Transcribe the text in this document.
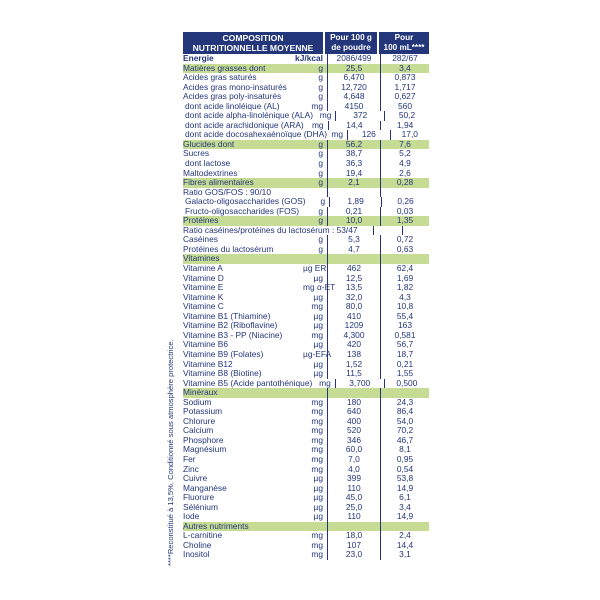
COMPOSITION
NUTRITIONNELLE MOYENNE
Pour 100 g
de poudre
Pour
100 mL****
Energie	kJ/kcal	2086/499	282/67
Matières grasses dont	g	25,5	3,4
Acides gras saturés	g	6,470	0,873
Acides gras mono-insaturés	g	12,720	1,717
Acides gras poly-insaturés	g	4,648	0,627
dont acide linoléique (AL)	mg	4150	560
dont acide alpha-linolénique (ALA) mg	372	50,2
dont acide arachidonique (ARA) mg	14,4	1,94
dont acide docosahexaénoïque (DHA) mg	126	17,0
Glucides dont	g	56,2	7,6
Sucres	g	38,7	5,2
dont lactose	g	36,3	4,9
Maltodextrines	g	19,4	2,6
Fibres alimentaires	g	2,1	0,28
Ratio GOS/FOS : 90/10
Galacto-oligosaccharides (GOS)	g	1,89	0,26
Fructo-oligosaccharides (FOS)	g	0,21	0,03
Protéines	g	10,0	1,35
Ratio caséines/protéines du lactosérum : 53/47
Caséines	g	5,3	0,72
Protéines du lactosérum	g	4,7	0,63
Vitamines
Vitamine A	µg ER	462	62,4
Vitamine D	µg	12,5	1,69
Vitamine E	mg α-ET	13,5	1,82
Vitamine K	µg	32,0	4,3
Vitamine C	mg	80,0	10,8
Vitamine B1 (Thiamine)	µg	410	55,4
Vitamine B2 (Riboflavine)	µg	1209	163
Vitamine B3 - PP (Niacine)	mg	4,300	0,581
Vitamine B6	µg	420	56,7
Vitamine B9 (Folates)	µg-EFA	138	18,7
Vitamine B12	µg	1,52	0,21
Vitamine B8 (Biotine)	µg	11,5	1,55
Vitamine B5 (Acide pantothénique) mg	3,700	0,500
Minéraux
Sodium	mg	180	24,3
Potassium	mg	640	86,4
Chlorure	mg	400	54,0
Calcium	mg	520	70,2
Phosphore	mg	346	46,7
Magnésium	mg	60,0	8,1
Fer	mg	7,0	0,95
Zinc	mg	4,0	0,54
Cuivre	µg	399	53,8
Manganèse	µg	110	14,9
Fluorure	µg	45,0	6,1
Sélénium	µg	25,0	3,4
Iode	µg	110	14,9
Autres nutriments
L-carnitine	mg	18,0	2,4
Choline	mg	107	14,4
Inositol	mg	23,0	3,1
****Reconstitué à 13,5%. Conditionné sous atmosphère protectrice.
